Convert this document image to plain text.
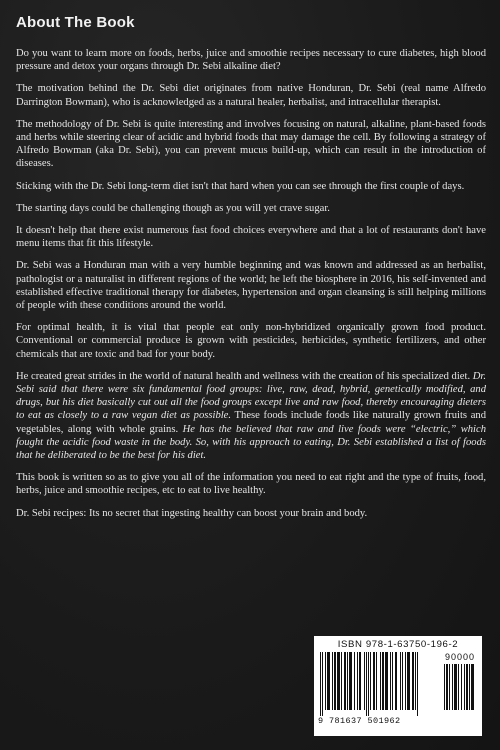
About The Book

Do you want to learn more on foods, herbs, juice and smoothie recipes necessary to cure diabetes, high blood pressure and detox your organs through Dr. Sebi alkaline diet?

The motivation behind the Dr. Sebi diet originates from native Honduran, Dr. Sebi (real name Alfredo Darrington Bowman), who is acknowledged as a natural healer, herbalist, and intracellular therapist.

The methodology of Dr. Sebi is quite interesting and involves focusing on natural, alkaline, plant-based foods and herbs while steering clear of acidic and hybrid foods that may damage the cell. By following a strategy of Alfredo Bowman (aka Dr. Sebi), you can prevent mucus build-up, which can result in the introduction of diseases.

Sticking with the Dr. Sebi long-term diet isn't that hard when you can see through the first couple of days.

The starting days could be challenging though as you will yet crave sugar.

It doesn't help that there exist numerous fast food choices everywhere and that a lot of restaurants don't have menu items that fit this lifestyle.

Dr. Sebi was a Honduran man with a very humble beginning and was known and addressed as an herbalist, pathologist or a naturalist in different regions of the world; he left the biosphere in 2016, his self-invented and established effective traditional therapy for diabetes, hypertension and organ cleansing is still helping millions of people with these conditions around the world.

For optimal health, it is vital that people eat only non-hybridized organically grown food product. Conventional or commercial produce is grown with pesticides, herbicides, synthetic fertilizers, and other chemicals that are toxic and bad for your body.

He created great strides in the world of natural health and wellness with the creation of his specialized diet. Dr. Sebi said that there were six fundamental food groups: live, raw, dead, hybrid, genetically modified, and drugs, but his diet basically cut out all the food groups except live and raw food, thereby encouraging dieters to eat as closely to a raw vegan diet as possible. These foods include foods like naturally grown fruits and vegetables, along with whole grains. He has the believed that raw and live foods were “electric,” which fought the acidic food waste in the body. So, with his approach to eating, Dr. Sebi established a list of foods that he deliberated to be the best for his diet.

This book is written so as to give you all of the information you need to eat right and the type of fruits, food, herbs, juice and smoothie recipes, etc to eat to live healthy.

Dr. Sebi recipes: Its no secret that ingesting healthy can boost your brain and body.

ISBN 978-1-63750-196-2
90000
9 781637 501962
